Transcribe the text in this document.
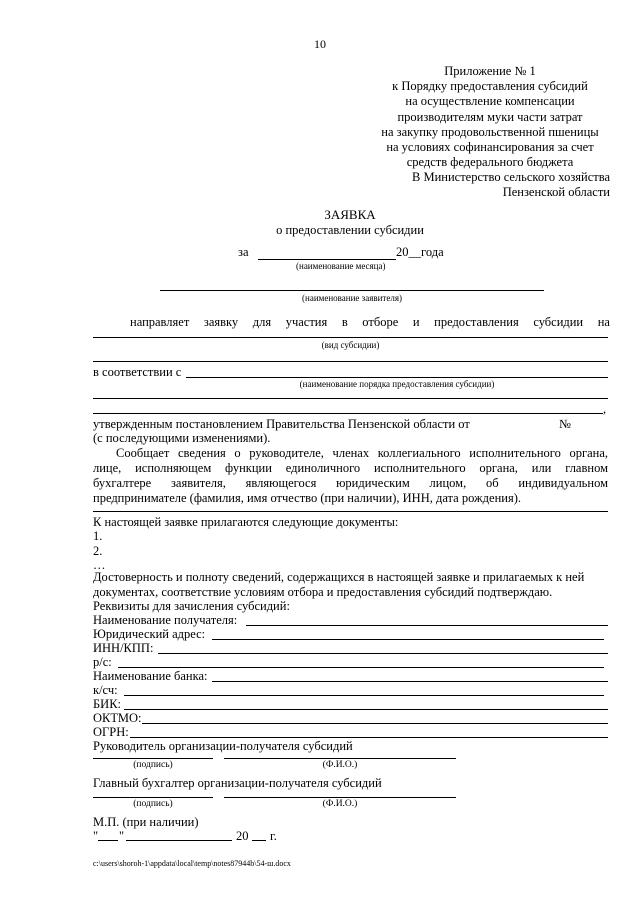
10
Приложение № 1
к Порядку предоставления субсидий
на осуществление компенсации
производителям муки части затрат
на закупку продовольственной пшеницы
на условиях софинансирования за счет
средств федерального бюджета
В Министерство сельского хозяйства
Пензенской области
ЗАЯВКА
о предоставлении субсидии
за	20__года
(наименование месяца)
(наименование заявителя)
направляет заявку для участия в отборе и предоставления субсидии на
(вид субсидии)
в соответствии с
(наименование порядка предоставления субсидии)
,
утвержденным постановлением Правительства Пензенской области от	№
(с последующими изменениями).
Сообщает сведения о руководителе, членах коллегиального исполнительного органа,
лице, исполняющем функции единоличного исполнительного органа, или главном
бухгалтере заявителя, являющегося юридическим лицом, об индивидуальном
предпринимателе (фамилия, имя отчество (при наличии), ИНН, дата рождения).
К настоящей заявке прилагаются следующие документы:
1.
2.
…
Достоверность и полноту сведений, содержащихся в настоящей заявке и прилагаемых к ней
документах, соответствие условиям отбора и предоставления субсидий подтверждаю.
Реквизиты для зачисления субсидий:
Наименование получателя:
Юридический адрес:
ИНН/КПП:
р/с:
Наименование банка:
к/сч:
БИК:
ОКТМО:
ОГРН:
Руководитель организации-получателя субсидий
(подпись)	(Ф.И.О.)
Главный бухгалтер организации-получателя субсидий
(подпись)	(Ф.И.О.)
М.П. (при наличии)
" "	20 г.
c:\users\shoroh-1\appdata\local\temp\notes87944b\54-ш.docx
